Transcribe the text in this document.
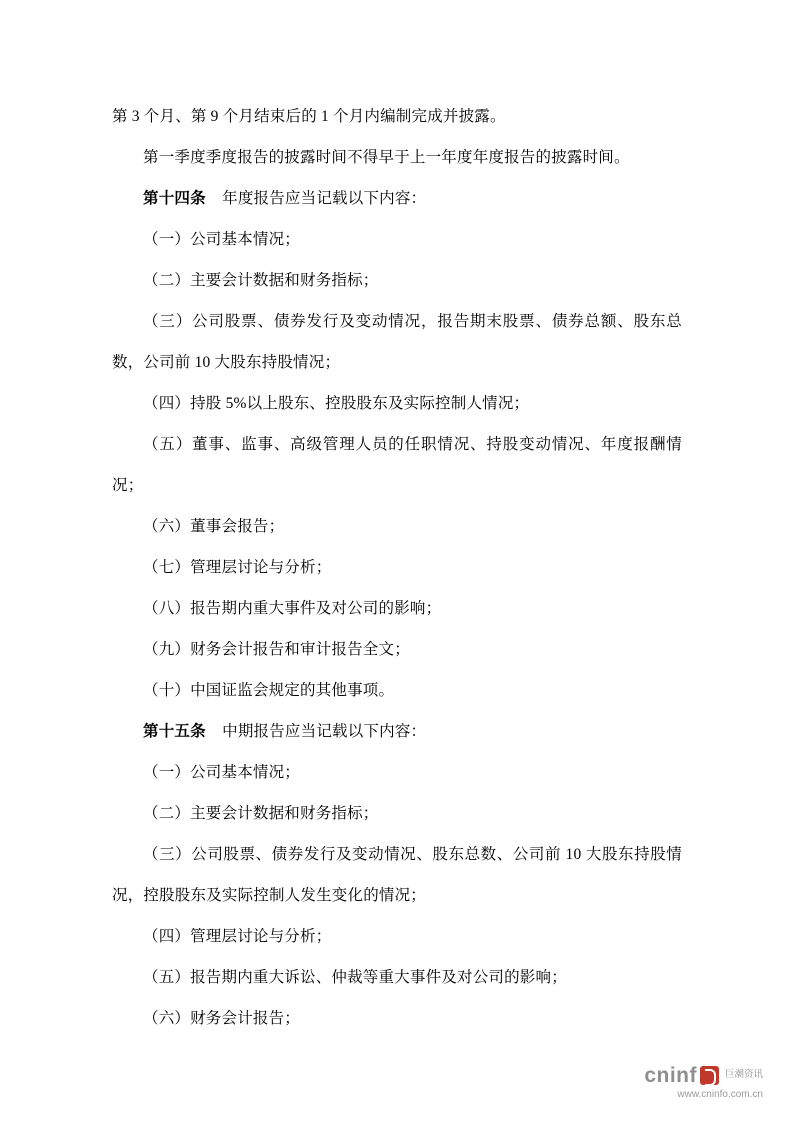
第 3 个月、第 9 个月结束后的 1 个月内编制完成并披露。

第一季度季度报告的披露时间不得早于上一年度年度报告的披露时间。

第十四条 年度报告应当记载以下内容：

（一）公司基本情况；

（二）主要会计数据和财务指标；

（三）公司股票、债券发行及变动情况，报告期末股票、债券总额、股东总数，公司前 10 大股东持股情况；

（四）持股 5%以上股东、控股股东及实际控制人情况；

（五）董事、监事、高级管理人员的任职情况、持股变动情况、年度报酬情况；

（六）董事会报告；

（七）管理层讨论与分析；

（八）报告期内重大事件及对公司的影响；

（九）财务会计报告和审计报告全文；

（十）中国证监会规定的其他事项。

第十五条 中期报告应当记载以下内容：

（一）公司基本情况；

（二）主要会计数据和财务指标；

（三）公司股票、债券发行及变动情况、股东总数、公司前 10 大股东持股情况，控股股东及实际控制人发生变化的情况；

（四）管理层讨论与分析；

（五）报告期内重大诉讼、仲裁等重大事件及对公司的影响；

（六）财务会计报告；

cninf	巨潮资讯
www.cninfo.com.cn
